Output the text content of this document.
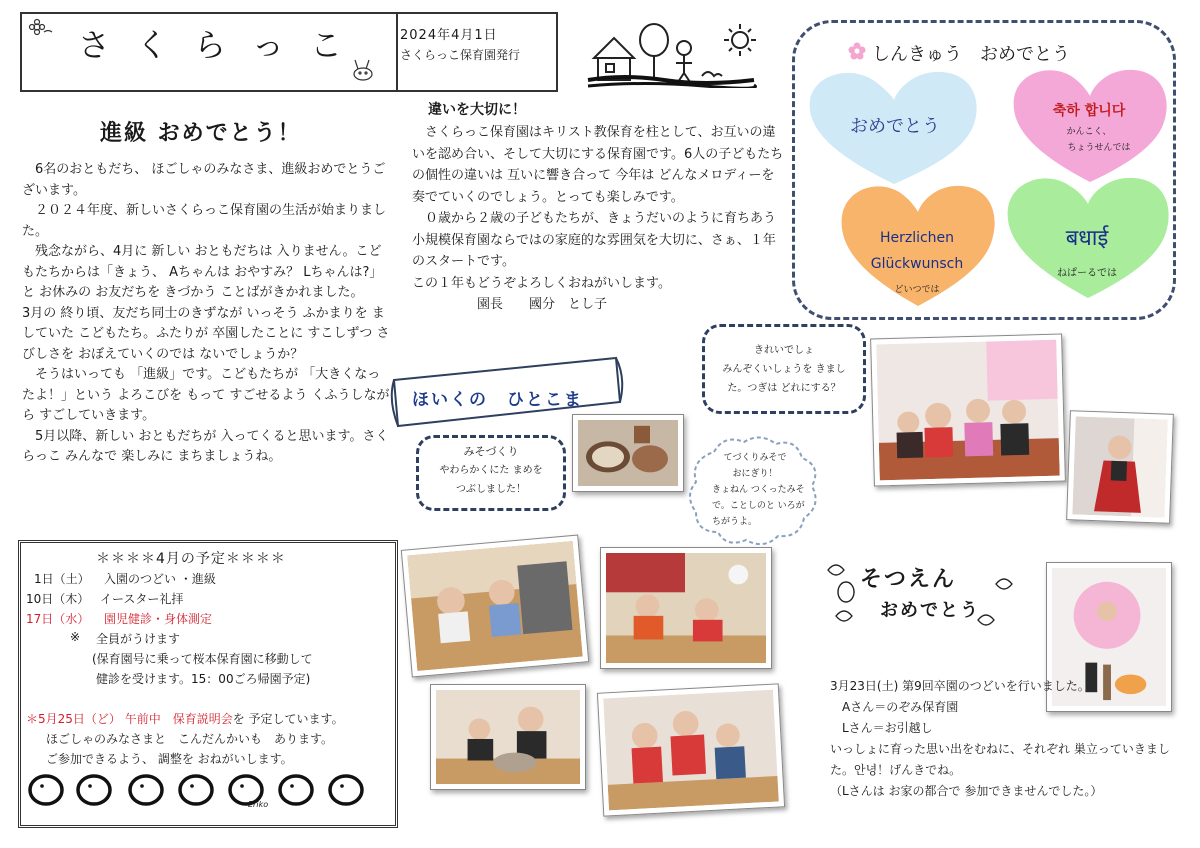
さくらっこ 2024年4月1日
さくらっこ保育園発行
進級 おめでとう！

　6名のおともだち、 ほごしゃのみなさま、進級おめでとうございます。

　２０２４年度、新しいさくらっこ保育園の生活が始まりました。

　残念ながら、4月に 新しい おともだちは 入りません。こどもたちからは「きょう、 Aちゃんは おやすみ？ Lちゃんは?」と お休みの お友だちを きづかう ことばがきかれました。

3月の 終り頃、友だち同士のきずなが いっそう ふかまりを ましていた こどもたち。ふたりが 卒園したことに すこしずつ さびしさを おぼえていくのでは ないでしょうか？

　そうはいっても 「進級」です。こどもたちが 「大きくなったよ！」という よろこびを もって すごせるよう くふうしながら すごしていきます。

　5月以降、新しい おともだちが 入ってくると思います。さくらっこ みんなで 楽しみに まちましょうね。

違いを大切に！

　さくらっこ保育園はキリスト教保育を柱として、お互いの違いを認め合い、そして大切にする保育園です。6人の子どもたちの個性の違いは 互いに響き合って 今年は どんなメロディーを奏でていくのでしょう。とっても楽しみです。

　０歳から２歳の子どもたちが、きょうだいのように育ちあう小規模保育園ならではの家庭的な雰囲気を大切に、さぁ、１年のスタートです。

この１年もどうぞよろしくおねがいします。

　　　　　園長　　國分　とし子

しんきゅう　おめでとう
おめでとう
축하 합니다
かんこく、
ちょうせんでは
Herzlichen
Glückwunsch
どいつでは
बधाई
ねぱーるでは
ほいくの　ひとこま
みそづくり
やわらかくにた まめを
つぶしました！
てづくりみそで
おにぎり！
きょねん つくったみそ
で。ことしのと いろが
ちがうよ。
きれいでしょ
みんぞくいしょうを きまし
た。つぎは どれにする？
＊＊＊＊4月の予定＊＊＊＊
1日（土） 入園のつどい ・進級
10日（木） イースター礼拝
17日（水） 園児健診・身体測定
※ 全員がうけます
(保育園号に乗って桜本保育園に移動して
健診を受けます。15：00ごろ帰園予定)
＊5月25日（ど） 午前中　保育説明会を 予定しています。
ほごしゃのみなさまと　こんだんかいも　あります。
ご参加できるよう、 調整を おねがいします。
Eriko
そつえん
おめでとう

3月23日(土) 第9回卒園のつどいを行いました。

　Aさん＝のぞみ保育園

　Lさん＝お引越し

いっしょに育った思い出をむねに、それぞれ 巣立っていきました。안녕！げんきでね。

（Lさんは お家の都合で 参加できませんでした。）
